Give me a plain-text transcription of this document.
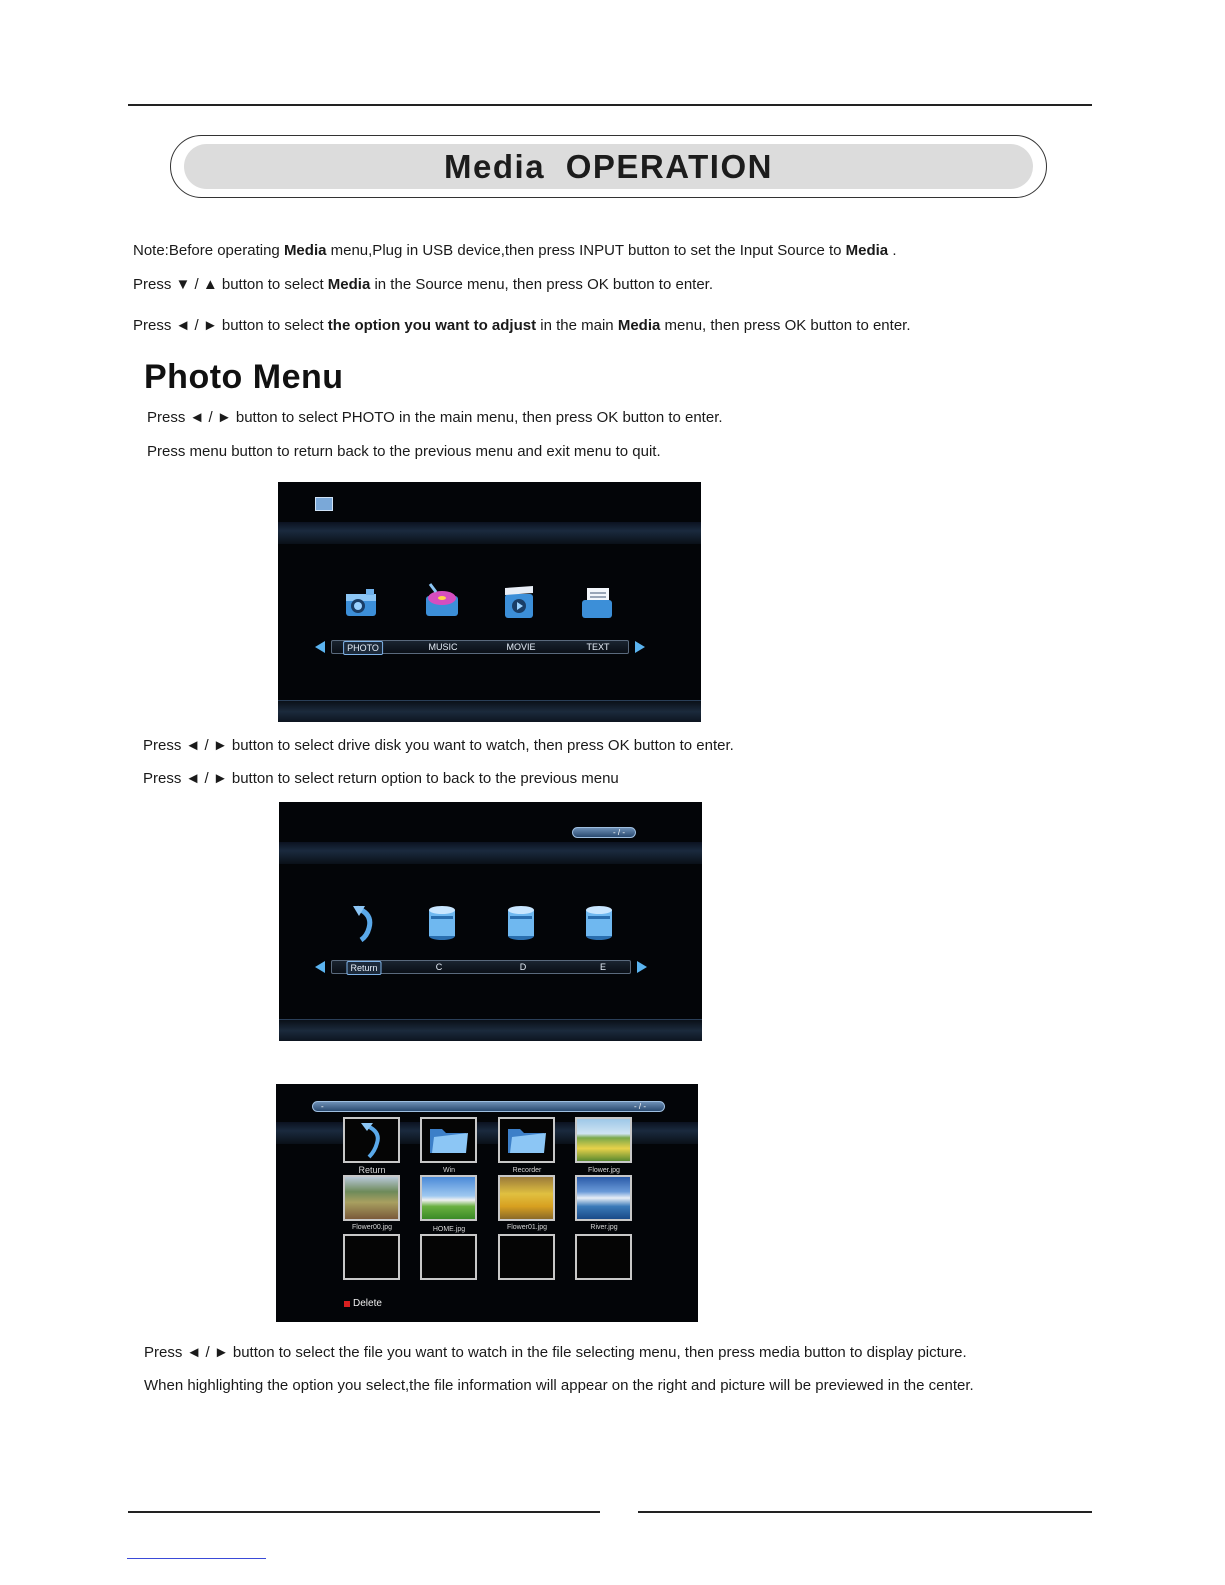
Media OPERATION
Note:Before operating Media menu,Plug in USB device,then press INPUT button to set the Input Source to Media .
Press ▼ / ▲ button to select Media in the Source menu, then press OK button to enter.
Press ◄ / ► button to select the option you want to adjust in the main Media menu, then press OK button to enter.
Photo Menu
Press ◄ / ► button to select PHOTO in the main menu, then press OK button to enter.
Press menu button to return back to the previous menu and exit menu to quit.
PHOTO	MUSIC	MOVIE	TEXT
Press ◄ / ► button to select drive disk you want to watch, then press OK button to enter.
Press ◄ / ► button to select return option to back to the previous menu
- / -
Return	C	D	E
-	- / -
Return	Win	Recorder	Flower.jpg
Flower00.jpg	HOME.jpg	Flower01.jpg	River.jpg
Delete
Press ◄ / ► button to select the file you want to watch in the file selecting menu, then press media button to display picture.
When highlighting the option you select,the file information will appear on the right and picture will be previewed in the center.
